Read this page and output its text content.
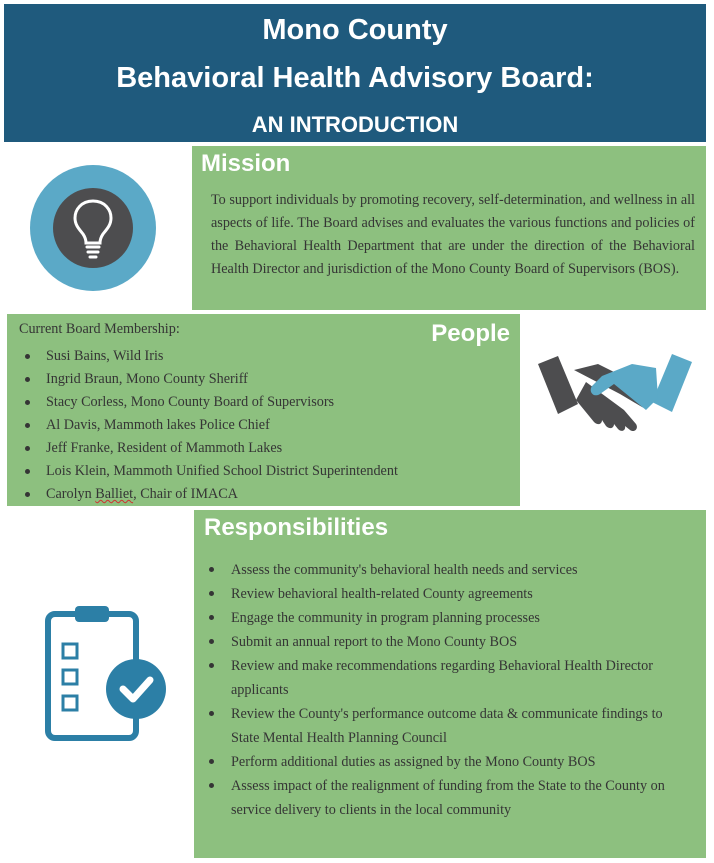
Mono County
Behavioral Health Advisory Board:
AN INTRODUCTION
Mission
To support individuals by promoting recovery, self-determination, and wellness in all aspects of life. The Board advises and evaluates the various functions and policies of the Behavioral Health Department that are under the direction of the Behavioral Health Director and jurisdiction of the Mono County Board of Supervisors (BOS).
People
Current Board Membership:
Susi Bains, Wild Iris
Ingrid Braun, Mono County Sheriff
Stacy Corless, Mono County Board of Supervisors
Al Davis, Mammoth lakes Police Chief
Jeff Franke, Resident of Mammoth Lakes
Lois Klein, Mammoth Unified School District Superintendent
Carolyn Balliet, Chair of IMACA
Responsibilities
Assess the community's behavioral health needs and services
Review behavioral health-related County agreements
Engage the community in program planning processes
Submit an annual report to the Mono County BOS
Review and make recommendations regarding Behavioral Health Director applicants
Review the County's performance outcome data & communicate findings to State Mental Health Planning Council
Perform additional duties as assigned by the Mono County BOS
Assess impact of the realignment of funding from the State to the County on service delivery to clients in the local community
